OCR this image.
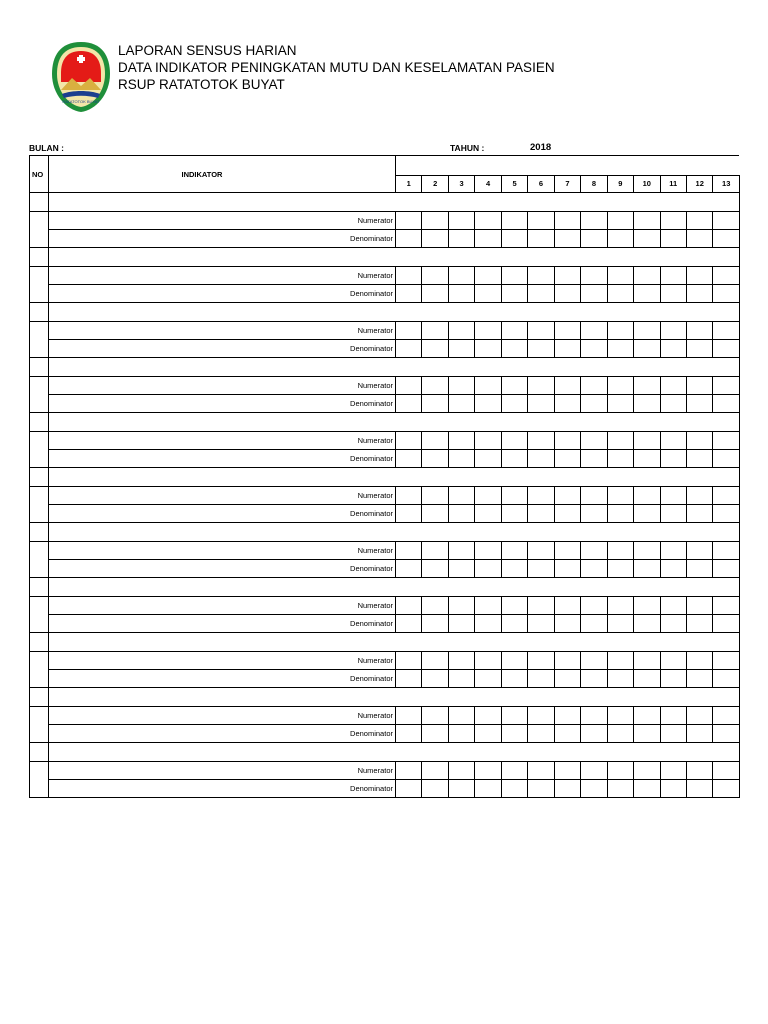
RATATOTOK BUYAT
LAPORAN SENSUS HARIAN
DATA INDIKATOR PENINGKATAN MUTU DAN KESELAMATAN PASIEN
RSUP RATATOTOK BUYAT
BULAN :	TAHUN :	2018
NO	INDIKATOR													
		1	2	3	4	5	6	7	8	9	10	11	12	13

	Numerator													
	Denominator													

	Numerator													
	Denominator													

	Numerator													
	Denominator													

	Numerator													
	Denominator													

	Numerator													
	Denominator													

	Numerator													
	Denominator													

	Numerator													
	Denominator													

	Numerator													
	Denominator													

	Numerator													
	Denominator													

	Numerator													
	Denominator													

	Numerator													
	Denominator													
